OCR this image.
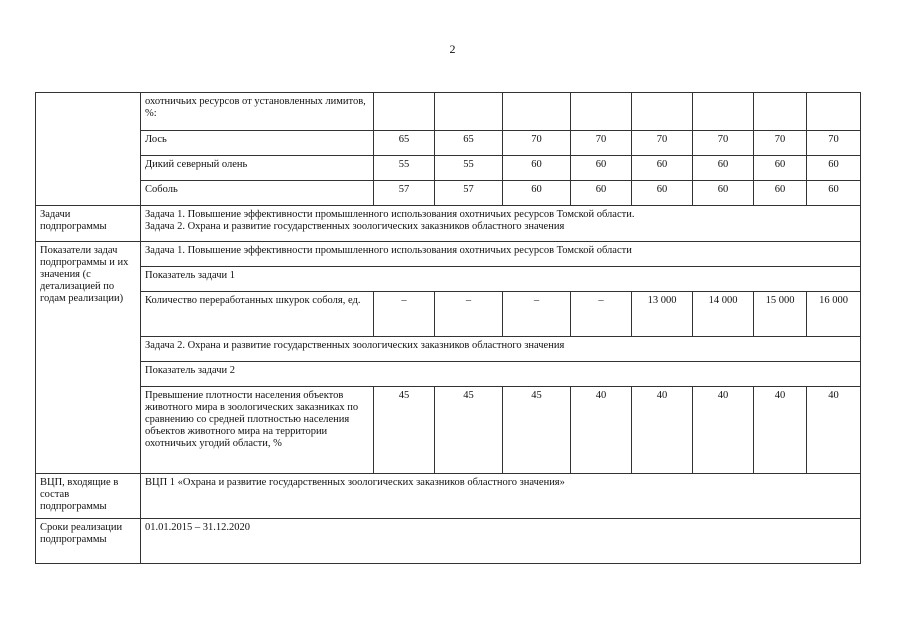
2
	охотничьих ресурсов от установленных лимитов, %:								
	Лось	65	65	70	70	70	70	70	70
	Дикий северный олень	55	55	60	60	60	60	60	60
	Соболь	57	57	60	60	60	60	60	60
Задачи подпрограммы	Задача 1. Повышение эффективности промышленного использования охотничьих ресурсов Томской области.
Задача 2. Охрана и развитие государственных зоологических заказников областного значения								

Показатели задач подпрограммы и их значения (с детализацией по годам реализации)	Задача 1. Повышение эффективности промышленного использования охотничьих ресурсов Томской области								
	Показатель задачи 1								
	Количество переработанных шкурок соболя, ед.	–	–	–	–	13 000	14 000	15 000	16 000
	Задача 2. Охрана и развитие государственных зоологических заказников областного значения								
	Показатель задачи 2								
	Превышение плотности населения объектов животного мира в зоологических заказниках по сравнению со средней плотностью населения объектов животного мира на территории охотничьих угодий области, %	45	45	45	40	40	40	40	40
ВЦП, входящие в состав подпрограммы	ВЦП 1 «Охрана и развитие государственных зоологических заказников областного значения»								
Сроки реализации подпрограммы	01.01.2015 – 31.12.2020								
